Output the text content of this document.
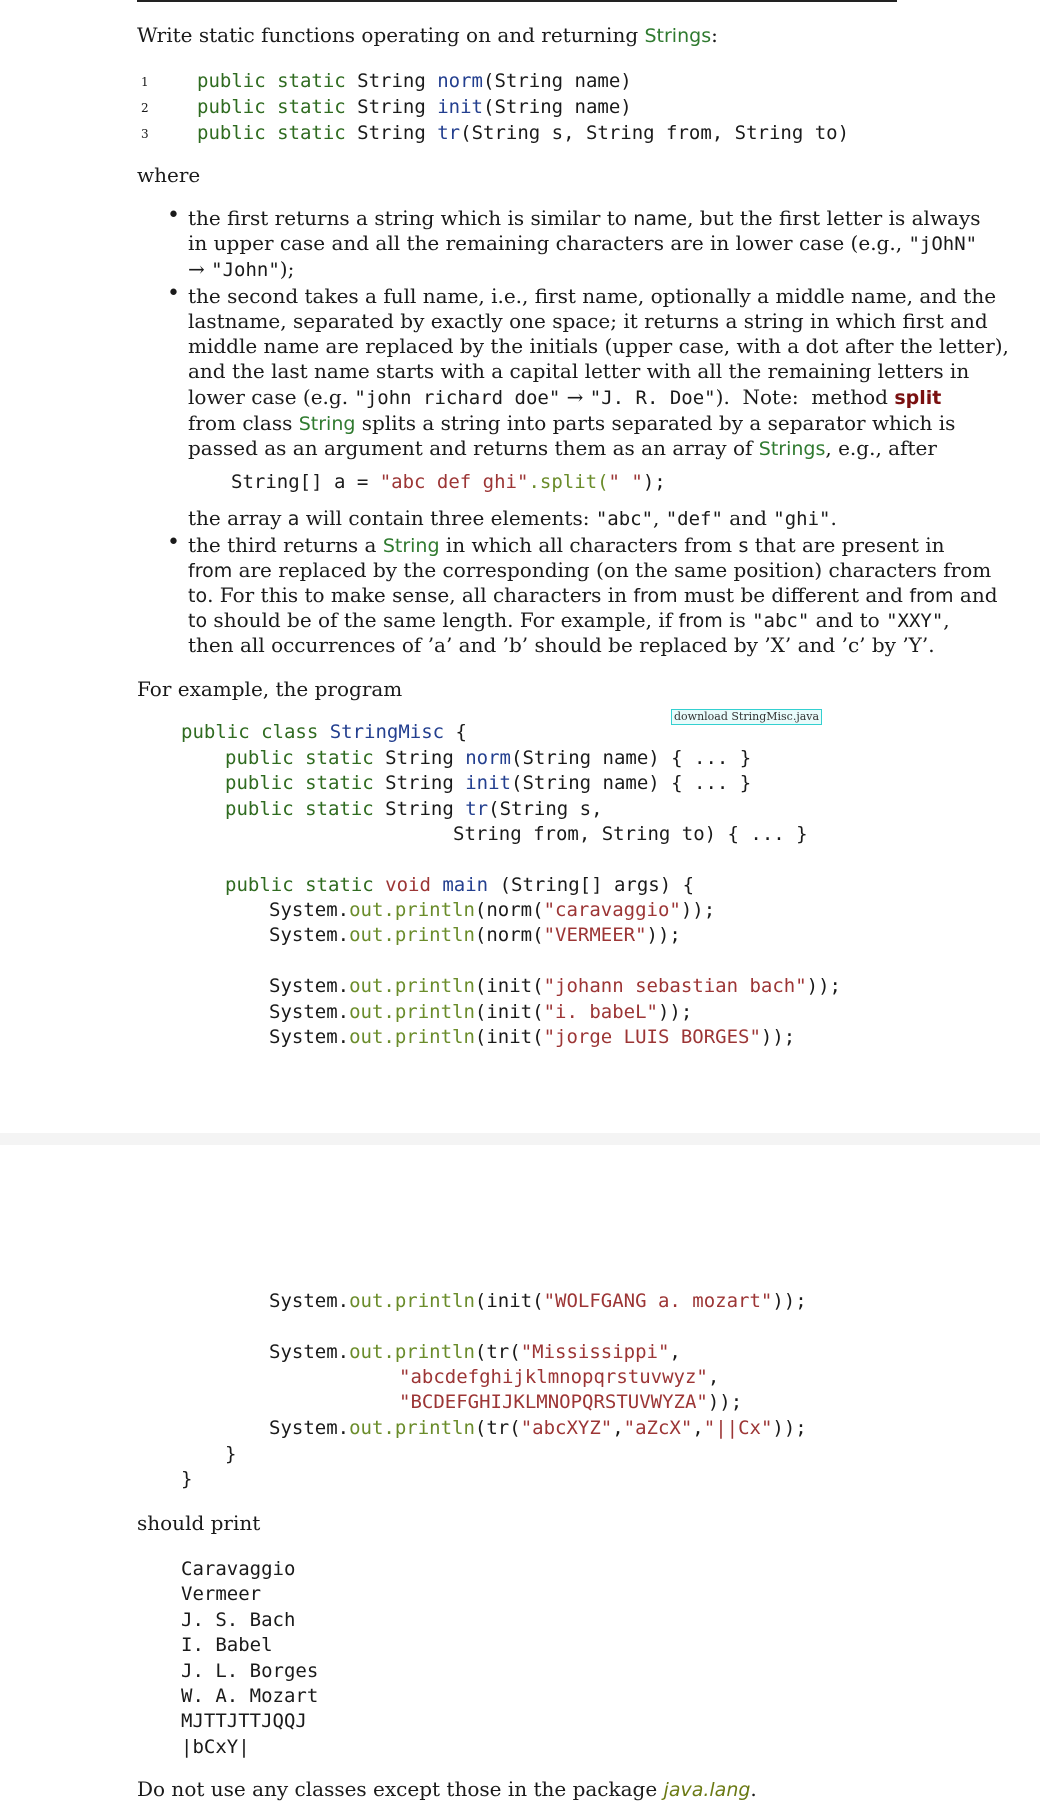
Write static functions operating on and returning Strings:
1	public static String norm(String name)
2	public static String init(String name)
3	public static String tr(String s, String from, String to)
where
• the first returns a string which is similar to name, but the first letter is always
in upper case and all the remaining characters are in lower case (e.g., "jOhN"
→ "John");
• the second takes a full name, i.e., first name, optionally a middle name, and the
lastname, separated by exactly one space; it returns a string in which first and
middle name are replaced by the initials (upper case, with a dot after the letter),
and the last name starts with a capital letter with all the remaining letters in
lower case (e.g. "john richard doe" → "J. R. Doe").  Note:  method split
from class String splits a string into parts separated by a separator which is
passed as an argument and returns them as an array of Strings, e.g., after
String[] a = "abc def ghi".split(" ");
the array a will contain three elements: "abc", "def" and "ghi".
• the third returns a String in which all characters from s that are present in
from are replaced by the corresponding (on the same position) characters from
to. For this to make sense, all characters in from must be different and from and
to should be of the same length. For example, if from is "abc" and to "XXY",
then all occurrences of ’a’ and ’b’ should be replaced by ’X’ and ’c’ by ’Y’.
For example, the program
download StringMisc.java
public class StringMisc {
public static String norm(String name) { ... }
public static String init(String name) { ... }
public static String tr(String s,
String from, String to) { ... }
public static void main (String[] args) {
System.out.println(norm("caravaggio"));
System.out.println(norm("VERMEER"));
System.out.println(init("johann sebastian bach"));
System.out.println(init("i. babeL"));
System.out.println(init("jorge LUIS BORGES"));
System.out.println(init("WOLFGANG a. mozart"));
System.out.println(tr("Mississippi",
"abcdefghijklmnopqrstuvwyz",
"BCDEFGHIJKLMNOPQRSTUVWYZA"));
System.out.println(tr("abcXYZ","aZcX","||Cx"));
}
}
should print
Caravaggio
Vermeer
J. S. Bach
I. Babel
J. L. Borges
W. A. Mozart
MJTTJTTJQQJ
|bCxY|
Do not use any classes except those in the package java.lang.
